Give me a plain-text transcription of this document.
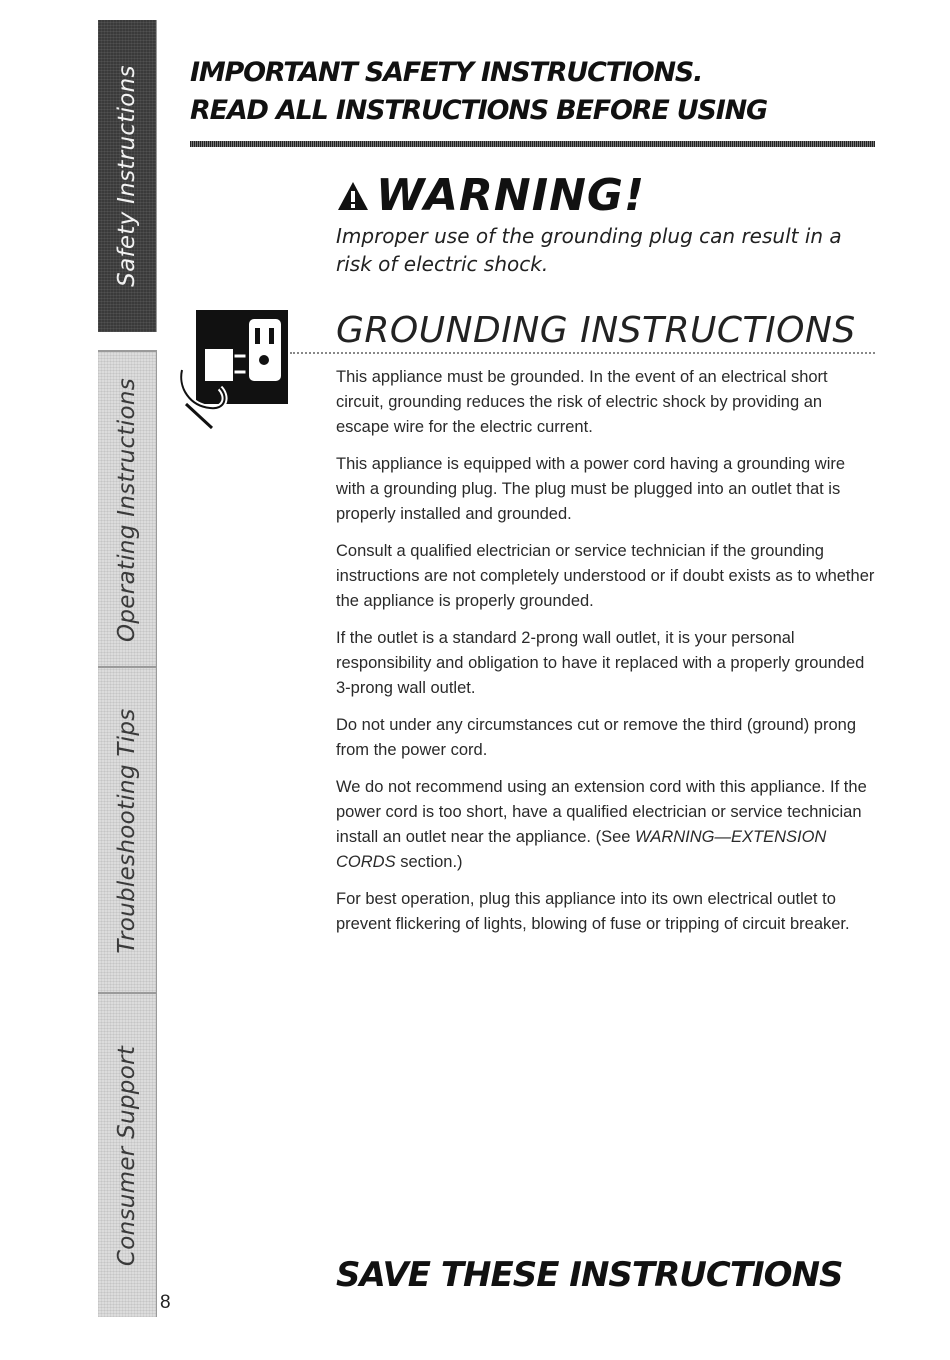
Safety Instructions
Operating Instructions
Troubleshooting Tips
Consumer Support
8
IMPORTANT SAFETY INSTRUCTIONS.
READ ALL INSTRUCTIONS BEFORE USING
WARNING!
Improper use of the grounding plug can result in a risk of electric shock.
GROUNDING INSTRUCTIONS

This appliance must be grounded. In the event of an electrical short circuit, grounding reduces the risk of electric shock by providing an escape wire for the electric current.

This appliance is equipped with a power cord having a grounding wire with a grounding plug. The plug must be plugged into an outlet that is properly installed and grounded.

Consult a qualified electrician or service technician if the grounding instructions are not completely understood or if doubt exists as to whether the appliance is properly grounded.

If the outlet is a standard 2-prong wall outlet, it is your personal responsibility and obligation to have it replaced with a properly grounded 3-prong wall outlet.

Do not under any circumstances cut or remove the third (ground) prong from the power cord.

We do not recommend using an extension cord with this appliance. If the power cord is too short, have a qualified electrician or service technician install an outlet near the appliance. (See WARNING—EXTENSION CORDS section.)

For best operation, plug this appliance into its own electrical outlet to prevent flickering of lights, blowing of fuse or tripping of circuit breaker.

SAVE THESE INSTRUCTIONS
